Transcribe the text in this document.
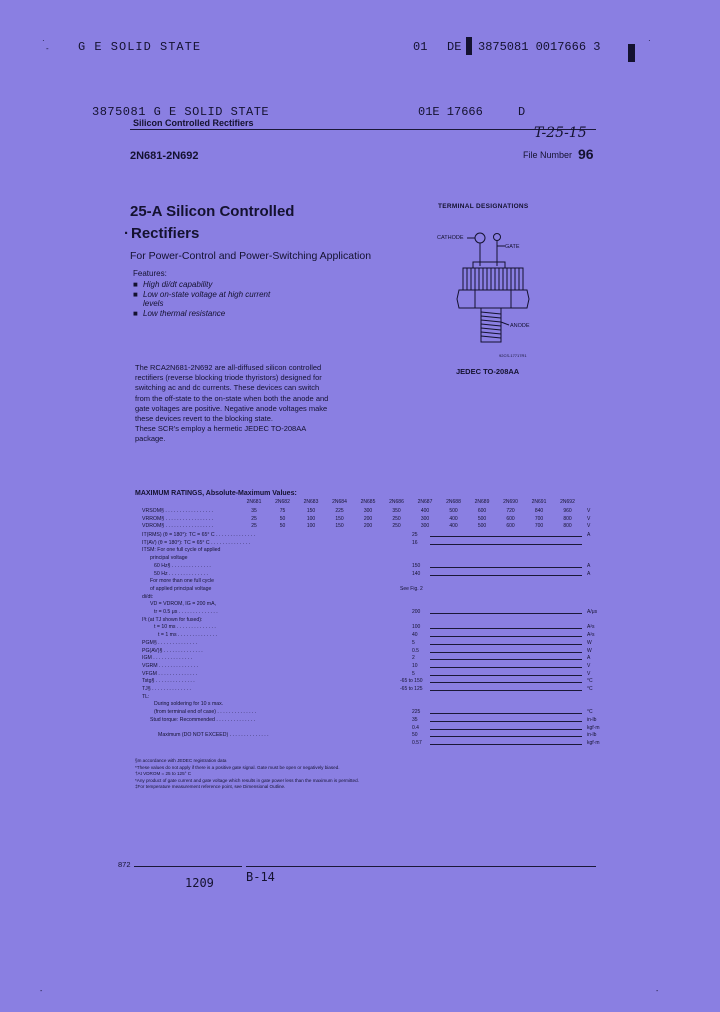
·
- G E SOLID STATE	01 DE 3875081 0017666 3	·
3875081 G E SOLID STATE	01E 17666	D
Silicon Controlled Rectifiers
T-25-15
2N681-2N692	File Number 96
25-A Silicon Controlled
· Rectifiers
For Power-Control and Power-Switching Application
Features:
■ High di/dt capability
■ Low on-state voltage at high current
levels
■ Low thermal resistance
TERMINAL DESIGNATIONS
CATHODE
GATE
ANODE
92CS-17717R1
JEDEC TO-208AA
The RCA2N681-2N692 are all-diffused silicon controlled
rectifiers (reverse blocking triode thyristors) designed for
switching ac and dc currents. These devices can switch
from the off-state to the on-state when both the anode and
gate voltages are positive. Negative anode voltages make
these devices revert to the blocking state.
These SCR's employ a hermetic JEDEC TO-208AA
package.
MAXIMUM RATINGS, Absolute-Maximum Values:
2N681	2N682	2N683	2N684	2N685	2N686	2N687	2N688	2N689	2N690	2N691	2N692
VRSOM§ . . . . . . . . . . . . . . . . .	35	75	150	225	300	350	400	500	600	720	840	960	V
VRROM§ . . . . . . . . . . . . . . . . .	25	50	100	150	200	250	300	400	500	600	700	800	V
VDROM§ . . . . . . . . . . . . . . . . .	25	50	100	150	200	250	300	400	500	600	700	800	V
IT(RMS) (θ = 180°): TC = 65° C . . . . . . . . . . . . . .	25	A
IT(AV) (θ = 180°): TC = 65° C . . . . . . . . . . . . . .	16
ITSM: For one full cycle of applied
principal voltage
60 Hz§ . . . . . . . . . . . . . .	150	A
50 Hz . . . . . . . . . . . . . .	140	A
For more than one full cycle
of applied principal voltage	See Fig. 2
di/dt:
VD = VDROM, IG = 200 mA,
tr = 0.5 μs . . . . . . . . . . . . . .	200	A/μs
I²t (at TJ shown for fused):
t = 10 ms . . . . . . . . . . . . . .	100	A²s
t = 1 ms . . . . . . . . . . . . . .	40	A²s
PGM§ . . . . . . . . . . . . . .	5	W
PG(AV)§ . . . . . . . . . . . . . .	0.5	W
IGM . . . . . . . . . . . . . .	2	A
VGRM . . . . . . . . . . . . . .	10	V
VFGM . . . . . . . . . . . . . .	5	V
Tstg§ . . . . . . . . . . . . . .	-65 to 150	°C
TJ§ . . . . . . . . . . . . . .	-65 to 125	°C
TL:
During soldering for 10 s max.
(from terminal end of case) . . . . . . . . . . . . . .	225	°C
Stud torque: Recommended . . . . . . . . . . . . . .	35	in-lb
0.4	kgf·m
Maximum (DO NOT EXCEED) . . . . . . . . . . . . . .	50	in-lb
0.57	kgf·m
§In accordance with JEDEC registration data
*These values do not apply if there is a positive gate signal. Gate must be open or negatively biased.
†At VDROM = 25 to 125° C
*Any product of gate current and gate voltage which results in gate power less than the maximum is permitted.
‡For temperature measurement reference point, see Dimensional Outline.
872
1209	B-14
-	-
